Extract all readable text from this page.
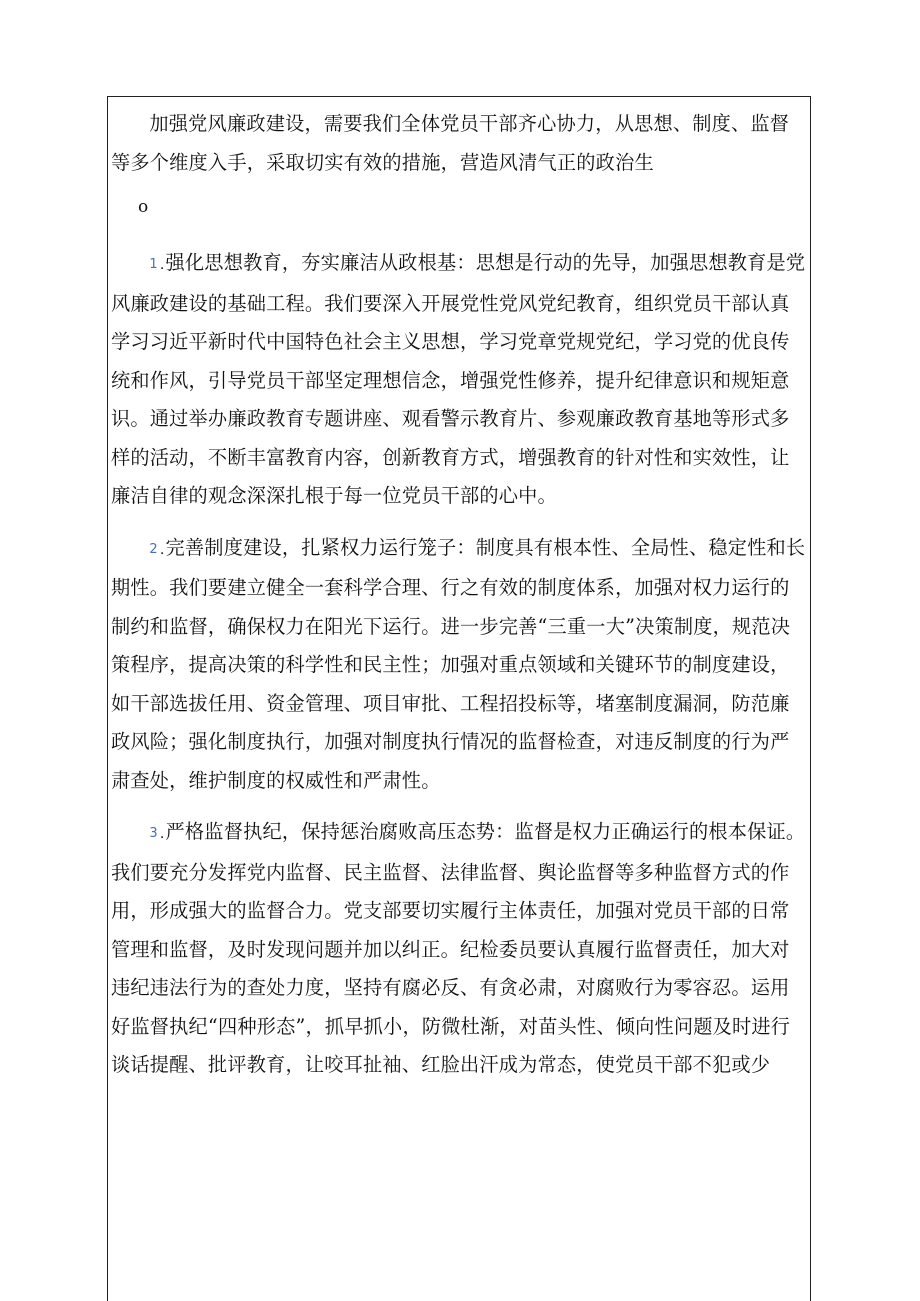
加强党风廉政建设，需要我们全体党员干部齐心协力，从思想、制度、监督等多个维度入手，采取切实有效的措施，营造风清气正的政治生

o

1 .强化思想教育，夯实廉洁从政根基：思想是行动的先导，加强思想教育是党风廉政建设的基础工程。我们要深入开展党性党风党纪教育，组织党员干部认真学习习近平新时代中国特色社会主义思想，学习党章党规党纪，学习党的优良传统和作风，引导党员干部坚定理想信念，增强党性修养，提升纪律意识和规矩意识。通过举办廉政教育专题讲座、观看警示教育片、参观廉政教育基地等形式多样的活动，不断丰富教育内容，创新教育方式，增强教育的针对性和实效性，让廉洁自律的观念深深扎根于每一位党员干部的心中。

2 .完善制度建设，扎紧权力运行笼子：制度具有根本性、全局性、稳定性和长期性。我们要建立健全一套科学合理、行之有效的制度体系，加强对权力运行的制约和监督，确保权力在阳光下运行。进一步完善“三重一大”决策制度，规范决策程序，提高决策的科学性和民主性；加强对重点领域和关键环节的制度建设，如干部选拔任用、资金管理、项目审批、工程招投标等，堵塞制度漏洞，防范廉政风险；强化制度执行，加强对制度执行情况的监督检查，对违反制度的行为严肃查处，维护制度的权威性和严肃性。

3 .严格监督执纪，保持惩治腐败高压态势：监督是权力正确运行的根本保证。我们要充分发挥党内监督、民主监督、法律监督、舆论监督等多种监督方式的作用，形成强大的监督合力。党支部要切实履行主体责任，加强对党员干部的日常管理和监督，及时发现问题并加以纠正。纪检委员要认真履行监督责任，加大对违纪违法行为的查处力度，坚持有腐必反、有贪必肃，对腐败行为零容忍。运用好监督执纪“四种形态”，抓早抓小，防微杜渐，对苗头性、倾向性问题及时进行谈话提醒、批评教育，让咬耳扯袖、红脸出汗成为常态，使党员干部不犯或少
